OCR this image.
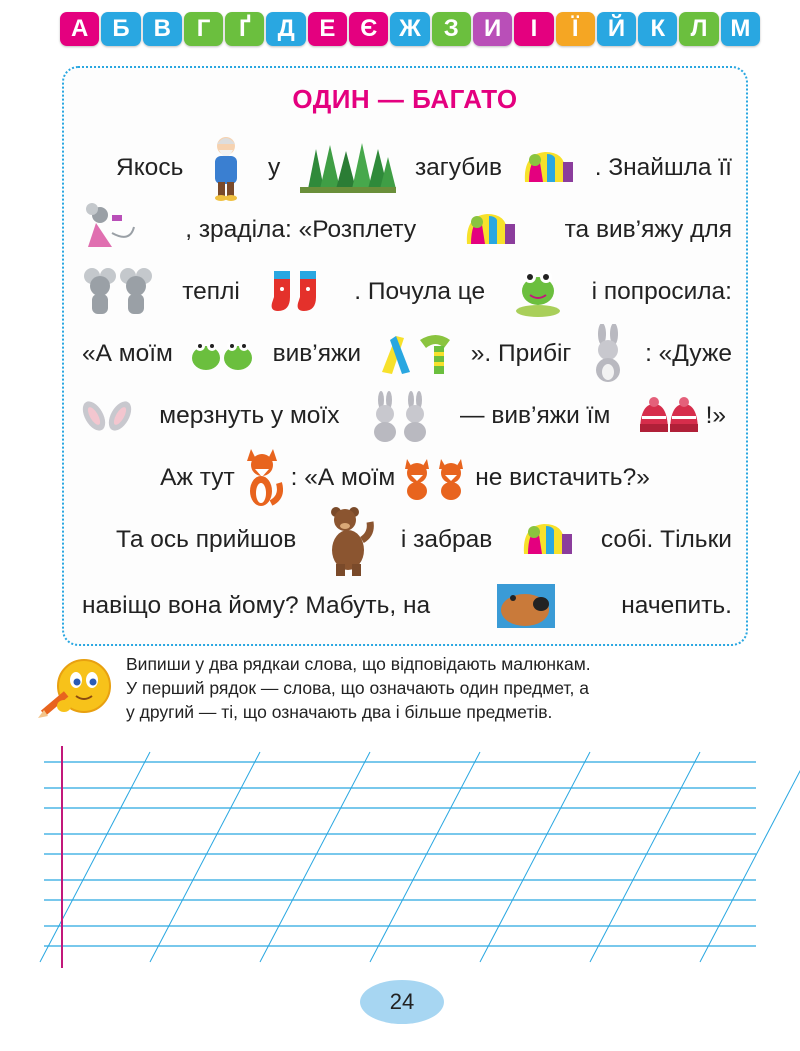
А	Б	В	Г	Ґ	Д	Е	Є Ж З	И	І	Ї	Й	К	Л М
ОДИН — БАГАТО
Якось	у	загубив	. Знайшла її
, зраділа: «Розплету	та вив’яжу для
теплі	. Почула це	і попросила:
«А моїм	вив’яжи	». Прибіг	: «Дуже
мерзнуть у моїх	— вив’яжи їм	!»
Аж тут : «А моїм	не вистачить?»
Та ось прийшов	і забрав	собі. Тільки
навіщо вона йому? Мабуть, на	начепить.
Випиши у два рядкаи слова, що відповідають малюнкам.
У перший рядок — слова, що означають один предмет, а
у другий — ті, що означають два і більше предметів.
24
